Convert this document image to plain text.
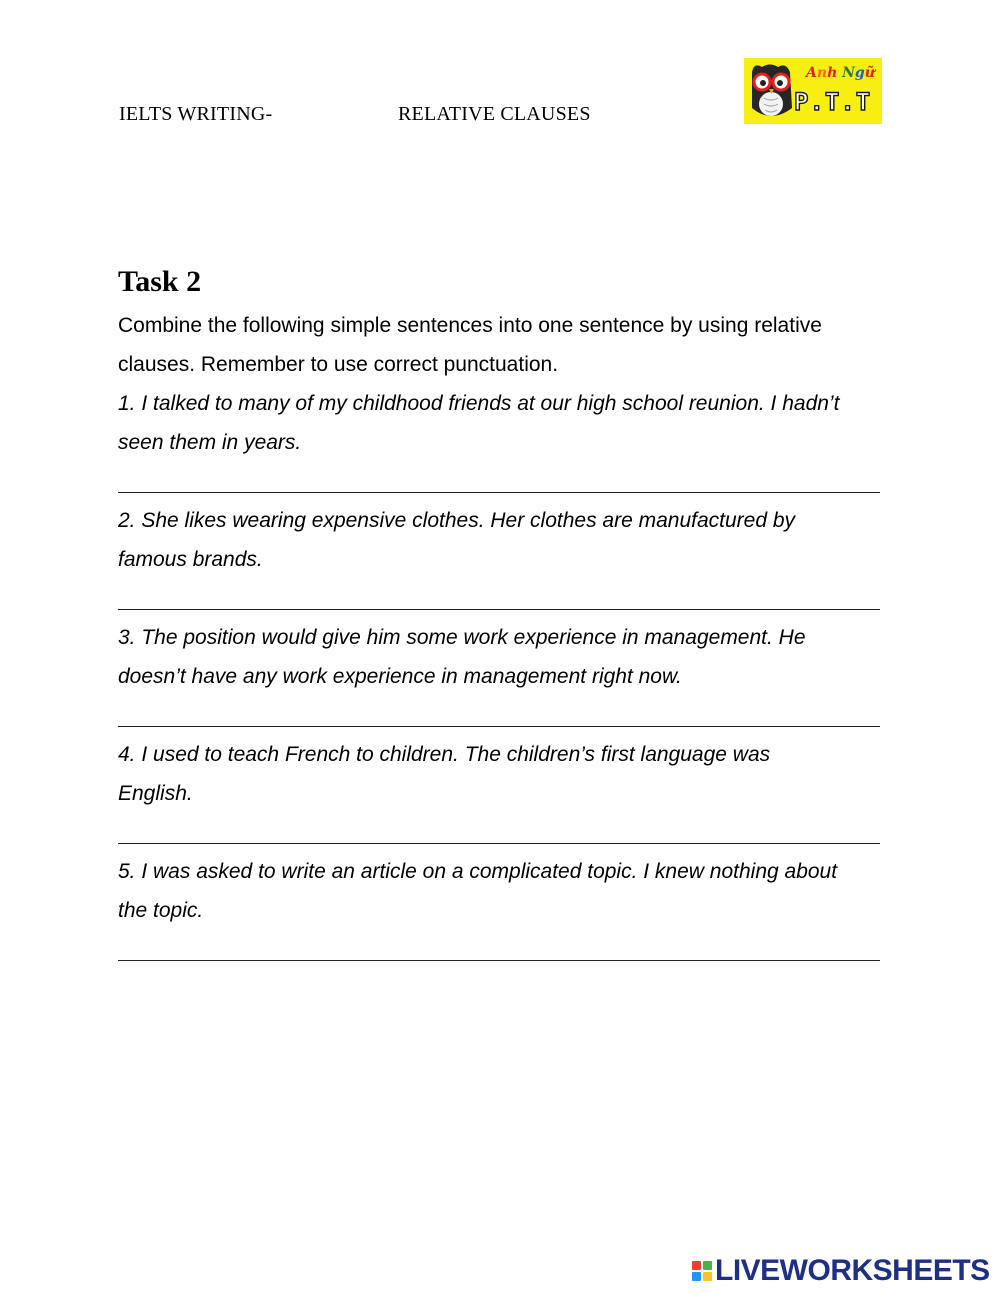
IELTS WRITING-	RELATIVE CLAUSES
Anh Ngữ
P.T.T
Task 2

Combine the following simple sentences into one sentence by using relative

clauses. Remember to use correct punctuation.

1. I talked to many of my childhood friends at our high school reunion. I hadn’t

seen them in years.

2. She likes wearing expensive clothes. Her clothes are manufactured by

famous brands.

3. The position would give him some work experience in management. He

doesn’t have any work experience in management right now.

4. I used to teach French to children. The children’s first language was

English.

5. I was asked to write an article on a complicated topic. I knew nothing about

the topic.

LIVEWORKSHEETS
